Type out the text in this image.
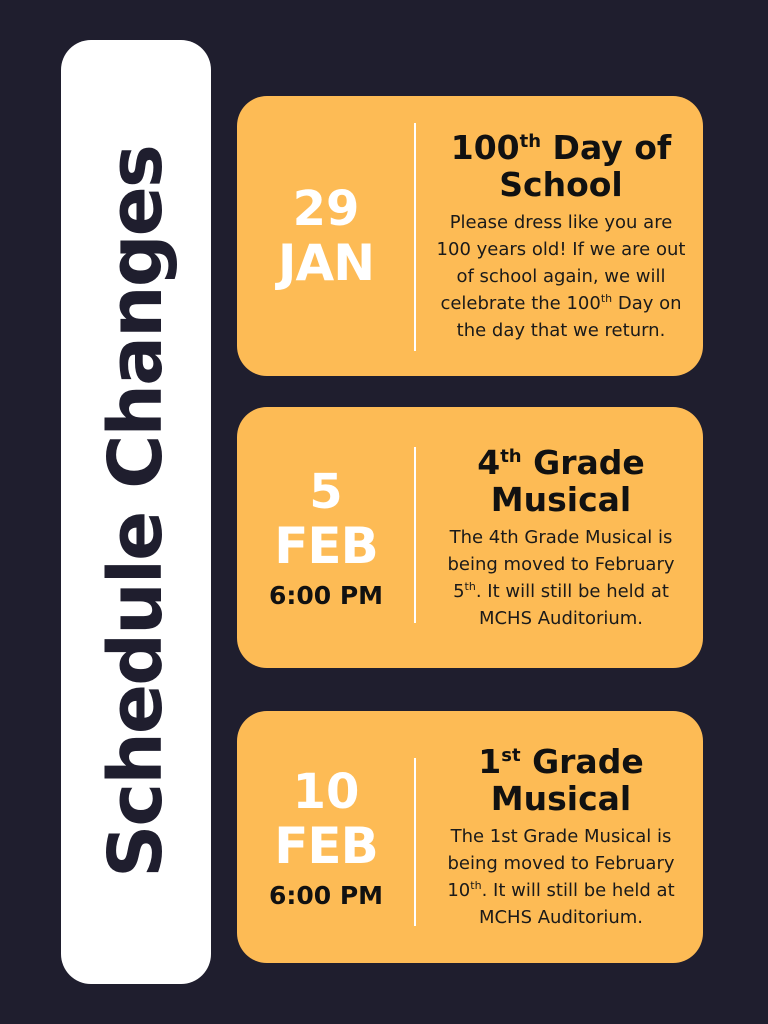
Schedule Changes 29
JAN
100th Day of School
Please dress like you are 100 years old! If we are out of school again, we will celebrate the 100th Day on the day that we return.
5
FEB
6:00 PM
4th Grade Musical
The 4th Grade Musical is being moved to February 5th. It will still be held at MCHS Auditorium.
10
FEB
6:00 PM
1st Grade Musical
The 1st Grade Musical is being moved to February 10th. It will still be held at MCHS Auditorium.
